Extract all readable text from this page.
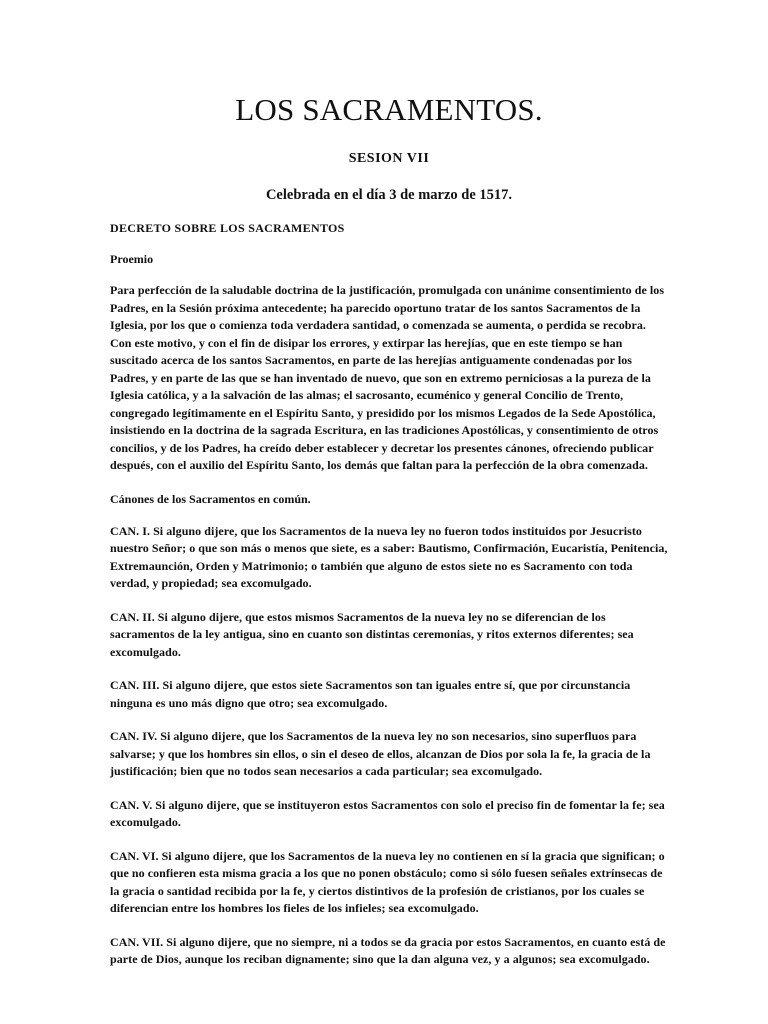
LOS SACRAMENTOS.
SESION VII
Celebrada en el día 3 de marzo de 1517.
DECRETO SOBRE LOS SACRAMENTOS
Proemio

Para perfección de la saludable doctrina de la justificación, promulgada con unánime consentimiento de los Padres, en la Sesión próxima antecedente; ha parecido oportuno tratar de los santos Sacramentos de la Iglesia, por los que o comienza toda verdadera santidad, o comenzada se aumenta, o perdida se recobra. Con este motivo, y con el fin de disipar los errores, y extirpar las herejías, que en este tiempo se han suscitado acerca de los santos Sacramentos, en parte de las herejías antiguamente condenadas por los Padres, y en parte de las que se han inventado de nuevo, que son en extremo perniciosas a la pureza de la Iglesia católica, y a la salvación de las almas; el sacrosanto, ecuménico y general Concilio de Trento, congregado legítimamente en el Espíritu Santo, y presidido por los mismos Legados de la Sede Apostólica, insistiendo en la doctrina de la sagrada Escritura, en las tradiciones Apostólicas, y consentimiento de otros concilios, y de los Padres, ha creído deber establecer y decretar los presentes cánones, ofreciendo publicar después, con el auxilio del Espíritu Santo, los demás que faltan para la perfección de la obra comenzada.

Cánones de los Sacramentos en común.

CAN. I. Si alguno dijere, que los Sacramentos de la nueva ley no fueron todos instituidos por Jesucristo nuestro Señor; o que son más o menos que siete, es a saber: Bautismo, Confirmación, Eucaristía, Penitencia, Extremaunción, Orden y Matrimonio; o también que alguno de estos siete no es Sacramento con toda verdad, y propiedad; sea excomulgado.

CAN. II. Si alguno dijere, que estos mismos Sacramentos de la nueva ley no se diferencian de los sacramentos de la ley antigua, sino en cuanto son distintas ceremonias, y ritos externos diferentes; sea excomulgado.

CAN. III. Si alguno dijere, que estos siete Sacramentos son tan iguales entre sí, que por circunstancia ninguna es uno más digno que otro; sea excomulgado.

CAN. IV. Si alguno dijere, que los Sacramentos de la nueva ley no son necesarios, sino superfluos para salvarse; y que los hombres sin ellos, o sin el deseo de ellos, alcanzan de Dios por sola la fe, la gracia de la justificación; bien que no todos sean necesarios a cada particular; sea excomulgado.

CAN. V. Si alguno dijere, que se instituyeron estos Sacramentos con solo el preciso fin de fomentar la fe; sea excomulgado.

CAN. VI. Si alguno dijere, que los Sacramentos de la nueva ley no contienen en sí la gracia que significan; o que no confieren esta misma gracia a los que no ponen obstáculo; como si sólo fuesen señales extrínsecas de la gracia o santidad recibida por la fe, y ciertos distintivos de la profesión de cristianos, por los cuales se diferencian entre los hombres los fieles de los infieles; sea excomulgado.

CAN. VII. Si alguno dijere, que no siempre, ni a todos se da gracia por estos Sacramentos, en cuanto está de parte de Dios, aunque los reciban dignamente; sino que la dan alguna vez, y a algunos; sea excomulgado.
